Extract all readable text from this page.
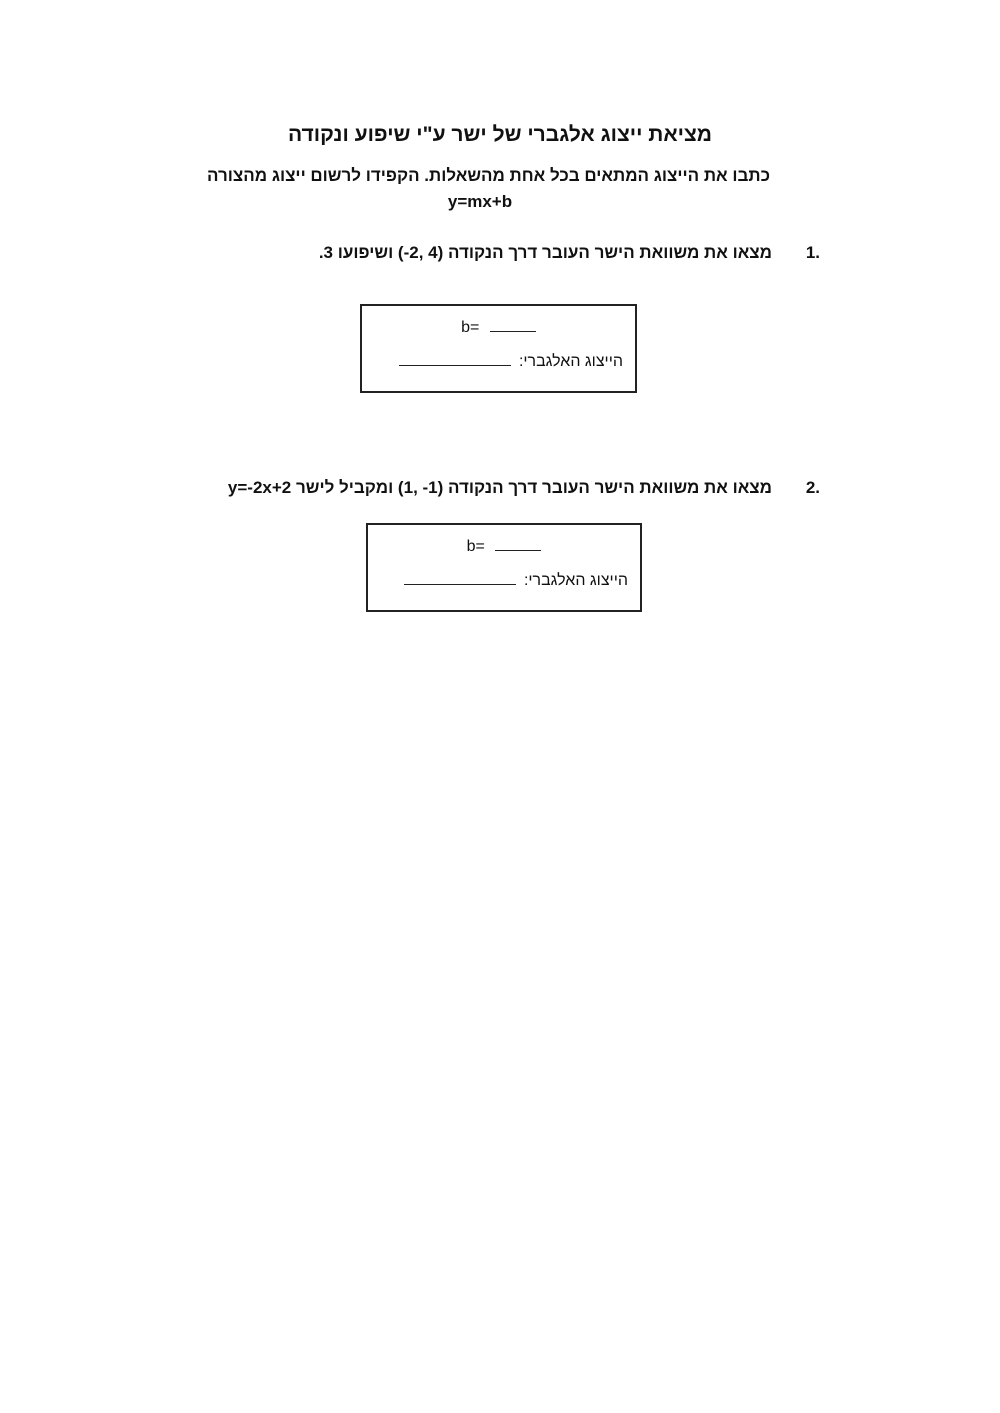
מציאת ייצוג אלגברי של ישר ע"י שיפוע ונקודה
כתבו את הייצוג המתאים בכל אחת מהשאלות. הקפידו לרשום ייצוג מהצורה
y=mx+b
1.
מצאו את משוואת הישר העובר דרך הנקודה (4 ,2-) ושיפועו 3.
b=
הייצוג האלגברי:
2.
מצאו את משוואת הישר העובר דרך הנקודה (1- ,1) ומקביל לישר y=-2x+2
b=
הייצוג האלגברי:
